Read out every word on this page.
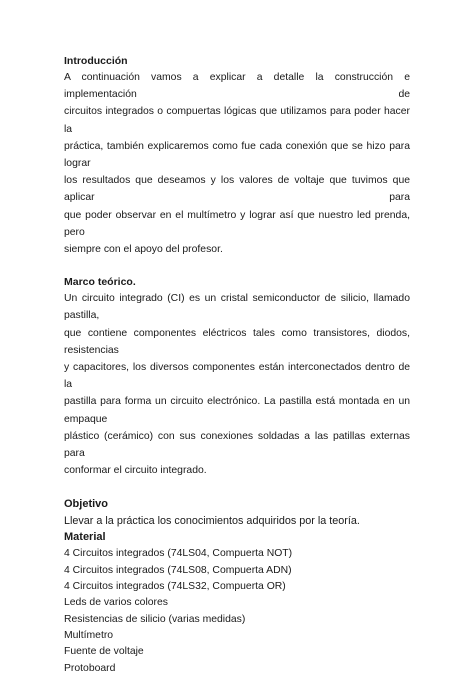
Introducción

A continuación vamos a explicar a detalle la construcción e implementación de
circuitos integrados o compuertas lógicas que utilizamos para poder hacer la
práctica, también explicaremos como fue cada conexión que se hizo para lograr
los resultados que deseamos y los valores de voltaje que tuvimos que aplicar para
que poder observar en el multímetro y lograr así que nuestro led prenda, pero
siempre con el apoyo del profesor.

Marco teórico.

Un circuito integrado (CI) es un cristal semiconductor de silicio, llamado pastilla,
que contiene componentes eléctricos tales como transistores, diodos, resistencias
y capacitores, los diversos componentes están interconectados dentro de la
pastilla para forma un circuito electrónico. La pastilla está montada en un empaque
plástico (cerámico) con sus conexiones soldadas a las patillas externas para
conformar el circuito integrado.

Objetivo

Llevar a la práctica los conocimientos adquiridos por la teoría.

Material

4 Circuitos integrados (74LS04, Compuerta NOT)

4 Circuitos integrados (74LS08, Compuerta ADN)

4 Circuitos integrados (74LS32, Compuerta OR)

Leds de varios colores

Resistencias de silicio (varias medidas)

Multímetro

Fuente de voltaje

Protoboard
